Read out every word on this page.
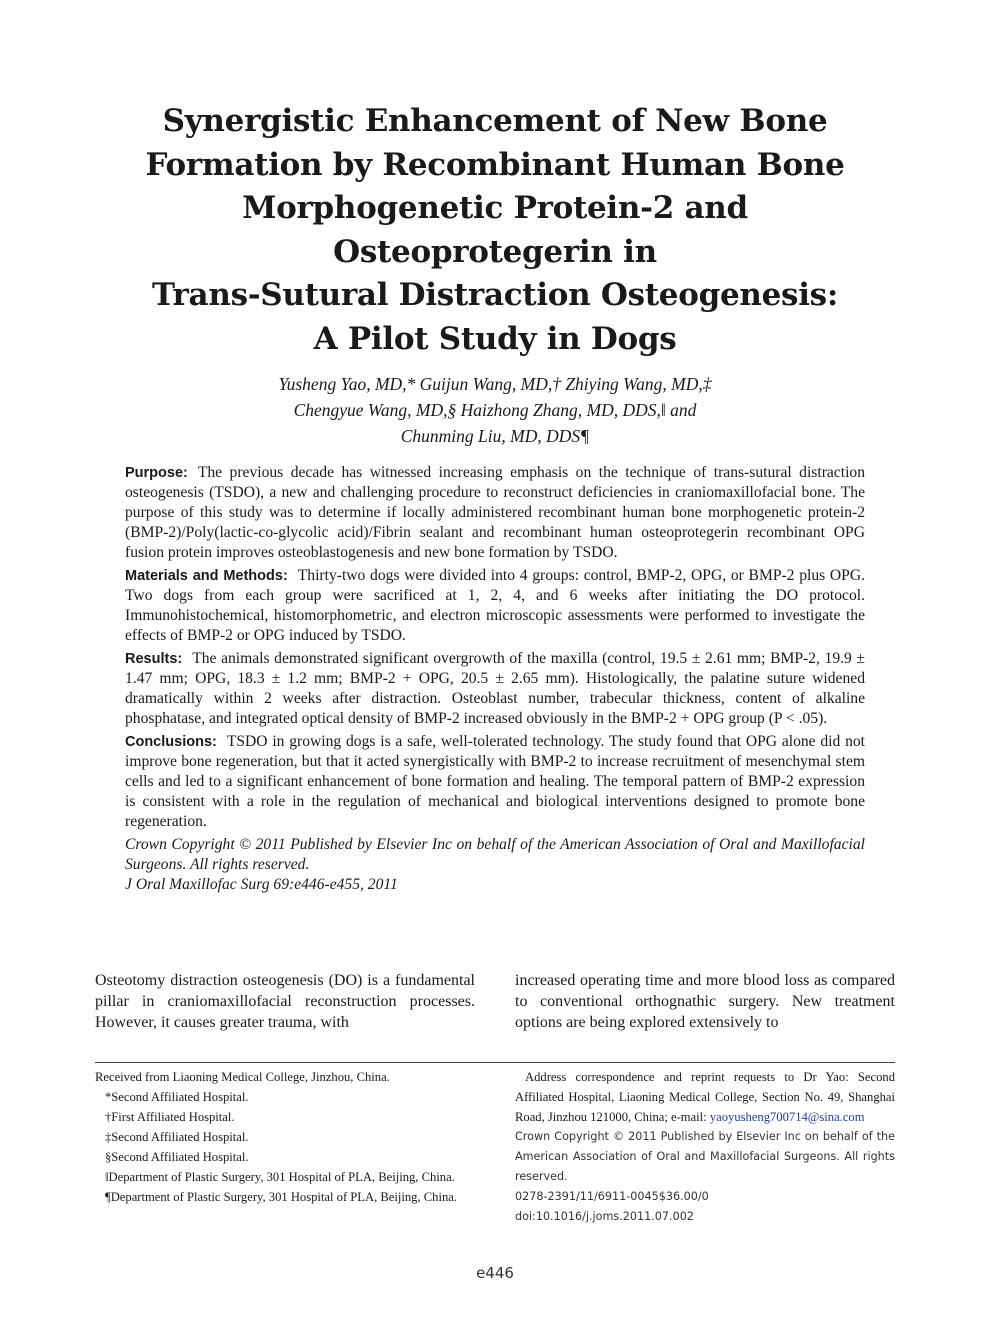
Synergistic Enhancement of New Bone
Formation by Recombinant Human Bone
Morphogenetic Protein-2 and
Osteoprotegerin in
Trans-Sutural Distraction Osteogenesis:
A Pilot Study in Dogs
Yusheng Yao, MD,* Guijun Wang, MD,† Zhiying Wang, MD,‡
Chengyue Wang, MD,§ Haizhong Zhang, MD, DDS,‖ and
Chunming Liu, MD, DDS¶

Purpose: The previous decade has witnessed increasing emphasis on the technique of trans-sutural distraction osteogenesis (TSDO), a new and challenging procedure to reconstruct deficiencies in craniomaxillofacial bone. The purpose of this study was to determine if locally administered recombinant human bone morphogenetic protein-2 (BMP-2)/Poly(lactic-co-glycolic acid)/Fibrin sealant and recombinant human osteoprotegerin recombinant OPG fusion protein improves osteoblastogenesis and new bone formation by TSDO.

Materials and Methods: Thirty-two dogs were divided into 4 groups: control, BMP-2, OPG, or BMP-2 plus OPG. Two dogs from each group were sacrificed at 1, 2, 4, and 6 weeks after initiating the DO protocol. Immunohistochemical, histomorphometric, and electron microscopic assessments were performed to investigate the effects of BMP-2 or OPG induced by TSDO.

Results: The animals demonstrated significant overgrowth of the maxilla (control, 19.5 ± 2.61 mm; BMP-2, 19.9 ± 1.47 mm; OPG, 18.3 ± 1.2 mm; BMP-2 + OPG, 20.5 ± 2.65 mm). Histologically, the palatine suture widened dramatically within 2 weeks after distraction. Osteoblast number, trabecular thickness, content of alkaline phosphatase, and integrated optical density of BMP-2 increased obviously in the BMP-2 + OPG group (P < .05).

Conclusions: TSDO in growing dogs is a safe, well-tolerated technology. The study found that OPG alone did not improve bone regeneration, but that it acted synergistically with BMP-2 to increase recruitment of mesenchymal stem cells and led to a significant enhancement of bone formation and healing. The temporal pattern of BMP-2 expression is consistent with a role in the regulation of mechanical and biological interventions designed to promote bone regeneration.

Crown Copyright © 2011 Published by Elsevier Inc on behalf of the American Association of Oral and Maxillofacial Surgeons. All rights reserved.

J Oral Maxillofac Surg 69:e446-e455, 2011

Osteotomy distraction osteogenesis (DO) is a fundamental pillar in craniomaxillofacial reconstruction processes. However, it causes greater trauma, with
increased operating time and more blood loss as compared to conventional orthognathic surgery. New treatment options are being explored extensively to
Received from Liaoning Medical College, Jinzhou, China.
*Second Affiliated Hospital.
†First Affiliated Hospital.
‡Second Affiliated Hospital.
§Second Affiliated Hospital.
‖Department of Plastic Surgery, 301 Hospital of PLA, Beijing, China.
¶Department of Plastic Surgery, 301 Hospital of PLA, Beijing, China.
Address correspondence and reprint requests to Dr Yao: Second Affiliated Hospital, Liaoning Medical College, Section No. 49, Shanghai Road, Jinzhou 121000, China; e-mail: yaoyusheng700714@sina.com
Crown Copyright © 2011 Published by Elsevier Inc on behalf of the American Association of Oral and Maxillofacial Surgeons. All rights reserved.
0278-2391/11/6911-0045$36.00/0
doi:10.1016/j.joms.2011.07.002
e446
